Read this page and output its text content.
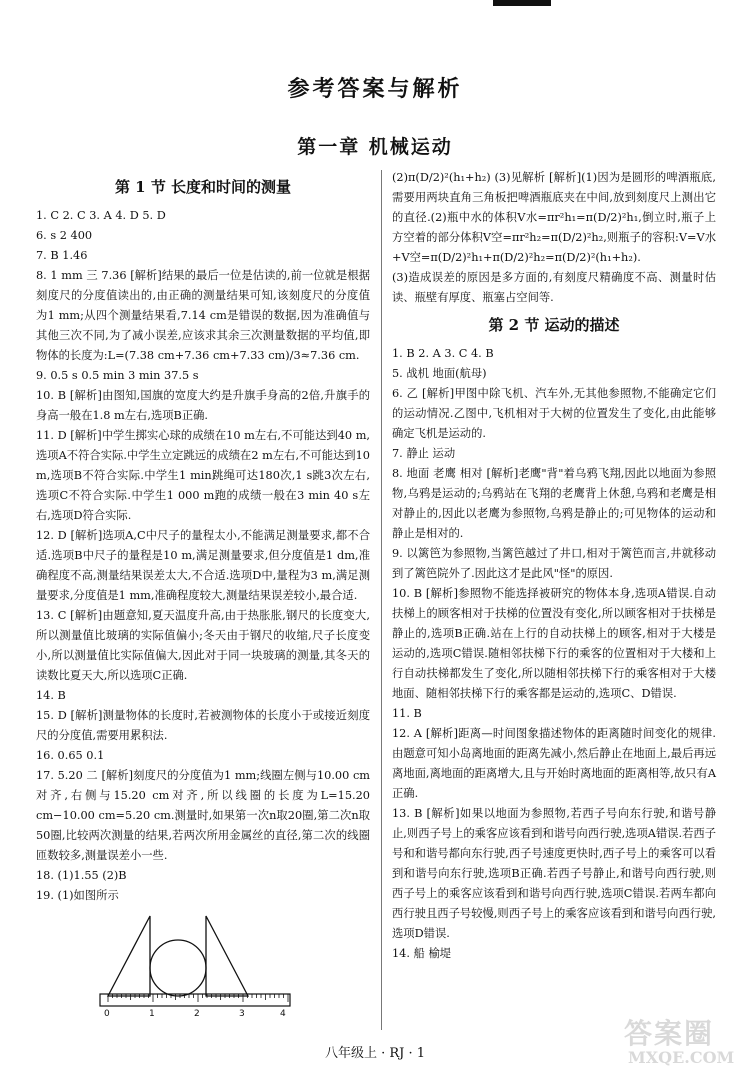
参考答案与解析
第一章 机械运动
第 1 节 长度和时间的测量

1. C 2. C 3. A 4. D 5. D

6. s 2 400

7. B 1.46

8. 1 mm 三 7.36 [解析]结果的最后一位是估读的,前一位就是根据刻度尺的分度值读出的,由正确的测量结果可知,该刻度尺的分度值为1 mm;从四个测量结果看,7.14 cm是错误的数据,因为准确值与其他三次不同,为了减小误差,应该求其余三次测量数据的平均值,即物体的长度为:L=(7.38 cm+7.36 cm+7.33 cm)/3≈7.36 cm.

9. 0.5 s 0.5 min 3 min 37.5 s

10. B [解析]由图知,国旗的宽度大约是升旗手身高的2倍,升旗手的身高一般在1.8 m左右,选项B正确.

11. D [解析]中学生掷实心球的成绩在10 m左右,不可能达到40 m,选项A不符合实际.中学生立定跳远的成绩在2 m左右,不可能达到10 m,选项B不符合实际.中学生1 min跳绳可达180次,1 s跳3次左右,选项C不符合实际.中学生1 000 m跑的成绩一般在3 min 40 s左右,选项D符合实际.

12. D [解析]选项A,C中尺子的量程太小,不能满足测量要求,都不合适.选项B中尺子的量程是10 m,满足测量要求,但分度值是1 dm,准确程度不高,测量结果误差太大,不合适.选项D中,量程为3 m,满足测量要求,分度值是1 mm,准确程度较大,测量结果误差较小,最合适.

13. C [解析]由题意知,夏天温度升高,由于热胀胀,钢尺的长度变大,所以测量值比玻璃的实际值偏小;冬天由于钢尺的收缩,尺子长度变小,所以测量值比实际值偏大,因此对于同一块玻璃的测量,其冬天的读数比夏天大,所以选项C正确.

14. B

15. D [解析]测量物体的长度时,若被测物体的长度小于或接近刻度尺的分度值,需要用累积法.

16. 0.65 0.1

17. 5.20 二 [解析]刻度尺的分度值为1 mm;线圈左侧与10.00 cm对齐,右侧与15.20 cm对齐,所以线圈的长度为L=15.20 cm−10.00 cm=5.20 cm.测量时,如果第一次n取20圈,第二次n取50圈,比较两次测量的结果,若两次所用金属丝的直径,第二次的线圈匝数较多,测量误差小一些.

18. (1)1.55 (2)B

19. (1)如图所示

0	1	2	3	4

(2)π(D/2)²(h₁+h₂) (3)见解析 [解析](1)因为是圆形的啤酒瓶底,需要用两块直角三角板把啤酒瓶底夹在中间,放到刻度尺上测出它的直径.(2)瓶中水的体积V水=πr²h₁=π(D/2)²h₁,倒立时,瓶子上方空着的部分体积V空=πr²h₂=π(D/2)²h₂,则瓶子的容积:V=V水+V空=π(D/2)²h₁+π(D/2)²h₂=π(D/2)²(h₁+h₂).

(3)造成误差的原因是多方面的,有刻度尺精确度不高、测量时估读、瓶壁有厚度、瓶塞占空间等.

第 2 节 运动的描述

1. B 2. A 3. C 4. B

5. 战机 地面(航母)

6. 乙 [解析]甲图中除飞机、汽车外,无其他参照物,不能确定它们的运动情况.乙图中,飞机相对于大树的位置发生了变化,由此能够确定飞机是运动的.

7. 静止 运动

8. 地面 老鹰 相对 [解析]老鹰"背"着乌鸦飞翔,因此以地面为参照物,乌鸦是运动的;乌鸦站在飞翔的老鹰背上休憩,乌鸦和老鹰是相对静止的,因此以老鹰为参照物,乌鸦是静止的;可见物体的运动和静止是相对的.

9. 以篱笆为参照物,当篱笆越过了井口,相对于篱笆而言,井就移动到了篱笆院外了.因此这才是此风"怪"的原因.

10. B [解析]参照物不能选择被研究的物体本身,选项A错误.自动扶梯上的顾客相对于扶梯的位置没有变化,所以顾客相对于扶梯是静止的,选项B正确.站在上行的自动扶梯上的顾客,相对于大楼是运动的,选项C错误.随相邻扶梯下行的乘客的位置相对于大楼和上行自动扶梯都发生了变化,所以随相邻扶梯下行的乘客相对于大楼地面、随相邻扶梯下行的乘客都是运动的,选项C、D错误.

11. B

12. A [解析]距离—时间图象描述物体的距离随时间变化的规律.由题意可知小岛离地面的距离先减小,然后静止在地面上,最后再远离地面,离地面的距离增大,且与开始时离地面的距离相等,故只有A正确.

13. B [解析]如果以地面为参照物,若西子号向东行驶,和谐号静止,则西子号上的乘客应该看到和谐号向西行驶,选项A错误.若西子号和和谐号都向东行驶,西子号速度更快时,西子号上的乘客可以看到和谐号向东行驶,选项B正确.若西子号静止,和谐号向西行驶,则西子号上的乘客应该看到和谐号向西行驶,选项C错误.若两车都向西行驶且西子号较慢,则西子号上的乘客应该看到和谐号向西行驶,选项D错误.

14. 船 榆堤

八年级上 · RJ · 1
答案圈
MXQE.COM
